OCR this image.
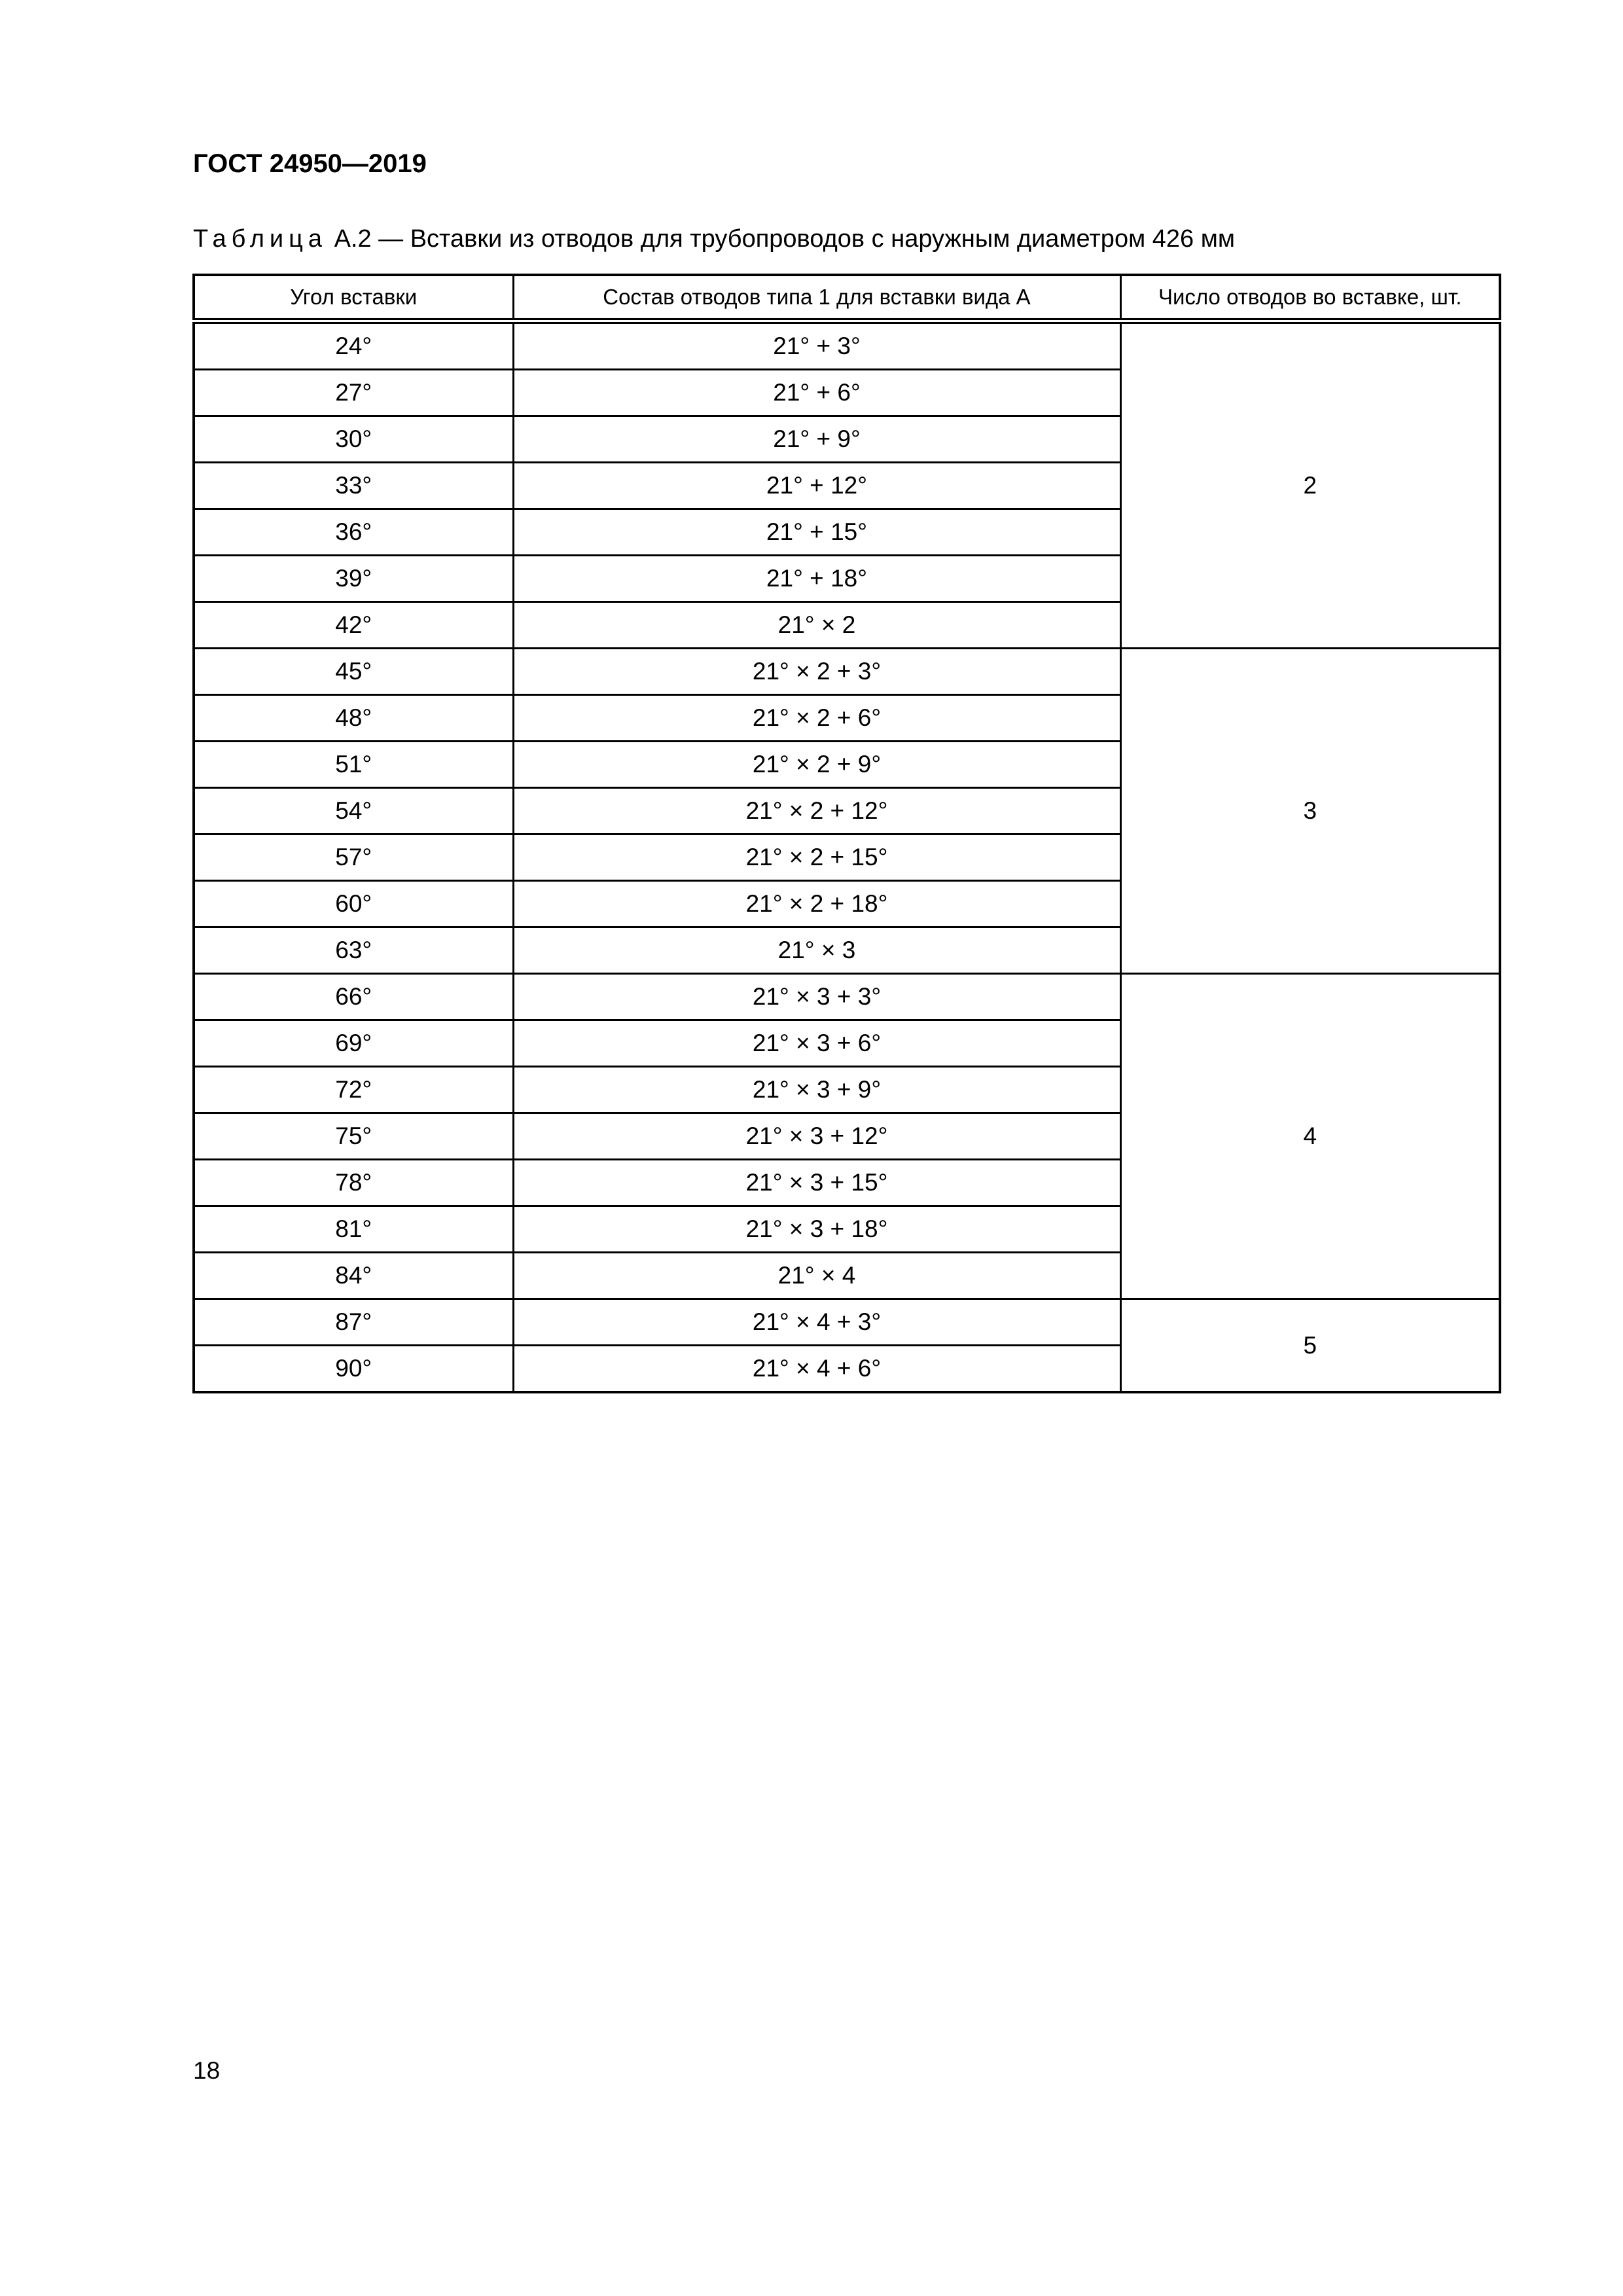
ГОСТ 24950—2019
Таблица А.2 — Вставки из отводов для трубопроводов с наружным диаметром 426 мм
Угол вставки	Состав отводов типа 1 для вставки вида А	Число отводов во вставке, шт.
24°	21° + 3°	2
27°	21° + 6°	
30°	21° + 9°	
33°	21° + 12°	
36°	21° + 15°	
39°	21° + 18°	
42°	21° × 2	
45°	21° × 2 + 3°	3
48°	21° × 2 + 6°	
51°	21° × 2 + 9°	
54°	21° × 2 + 12°	
57°	21° × 2 + 15°	
60°	21° × 2 + 18°	
63°	21° × 3	
66°	21° × 3 + 3°	4
69°	21° × 3 + 6°	
72°	21° × 3 + 9°	
75°	21° × 3 + 12°	
78°	21° × 3 + 15°	
81°	21° × 3 + 18°	
84°	21° × 4	
87°	21° × 4 + 3°	5
90°	21° × 4 + 6°	
18
